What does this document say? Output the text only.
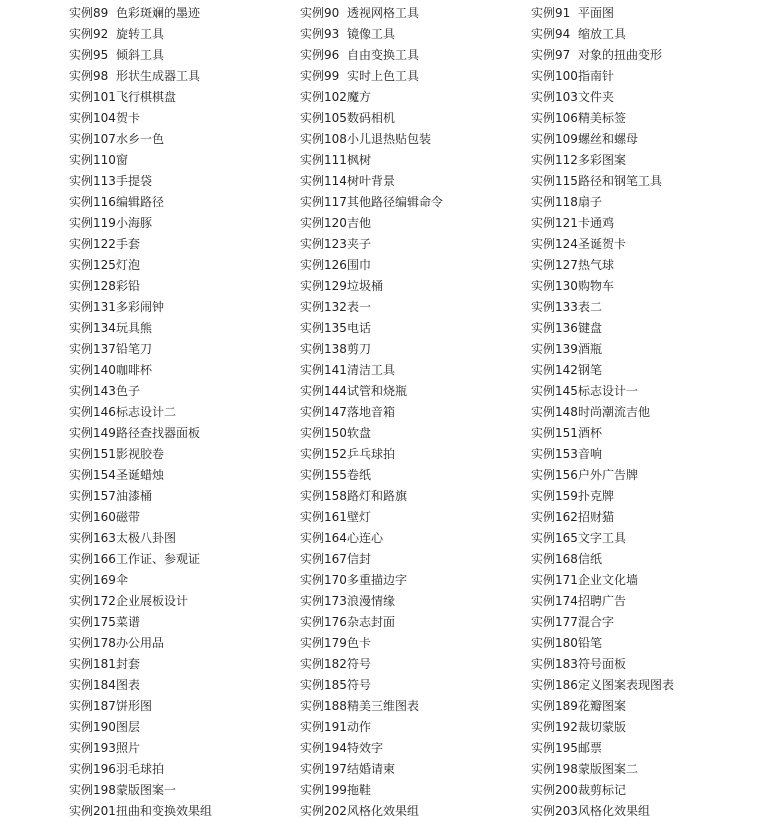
实例89 色彩斑斓的墨迹
实例92 旋转工具
实例95 倾斜工具
实例98 形状生成器工具
实例101飞行棋棋盘
实例104贺卡
实例107水乡一色
实例110窗
实例113手提袋
实例116编辑路径
实例119小海豚
实例122手套
实例125灯泡
实例128彩铅
实例131多彩闹钟
实例134玩具熊
实例137铅笔刀
实例140咖啡杯
实例143色子
实例146标志设计二
实例149路径查找器面板
实例151影视胶卷
实例154圣诞蜡烛
实例157油漆桶
实例160磁带
实例163太极八卦图
实例166工作证、参观证
实例169伞
实例172企业展板设计
实例175菜谱
实例178办公用品
实例181封套
实例184图表
实例187饼形图
实例190图层
实例193照片
实例196羽毛球拍
实例198蒙版图案一
实例201扭曲和变换效果组
实例90 透视网格工具
实例93 镜像工具
实例96 自由变换工具
实例99 实时上色工具
实例102魔方
实例105数码相机
实例108小儿退热贴包装
实例111枫树
实例114树叶背景
实例117其他路径编辑命令
实例120吉他
实例123夹子
实例126围巾
实例129垃圾桶
实例132表一
实例135电话
实例138剪刀
实例141清洁工具
实例144试管和烧瓶
实例147落地音箱
实例150软盘
实例152乒乓球拍
实例155卷纸
实例158路灯和路旗
实例161壁灯
实例164心连心
实例167信封
实例170多重描边字
实例173浪漫情缘
实例176杂志封面
实例179色卡
实例182符号
实例185符号
实例188精美三维图表
实例191动作
实例194特效字
实例197结婚请柬
实例199拖鞋
实例202风格化效果组
实例91 平面图
实例94 缩放工具
实例97 对象的扭曲变形
实例100指南针
实例103文件夹
实例106精美标签
实例109螺丝和螺母
实例112多彩图案
实例115路径和钢笔工具
实例118扇子
实例121卡通鸡
实例124圣诞贺卡
实例127热气球
实例130购物车
实例133表二
实例136键盘
实例139酒瓶
实例142钢笔
实例145标志设计一
实例148时尚潮流吉他
实例151酒杯
实例153音响
实例156户外广告牌
实例159扑克牌
实例162招财猫
实例165文字工具
实例168信纸
实例171企业文化墙
实例174招聘广告
实例177混合字
实例180铅笔
实例183符号面板
实例186定义图案表现图表
实例189花瓣图案
实例192裁切蒙版
实例195邮票
实例198蒙版图案二
实例200裁剪标记
实例203风格化效果组
